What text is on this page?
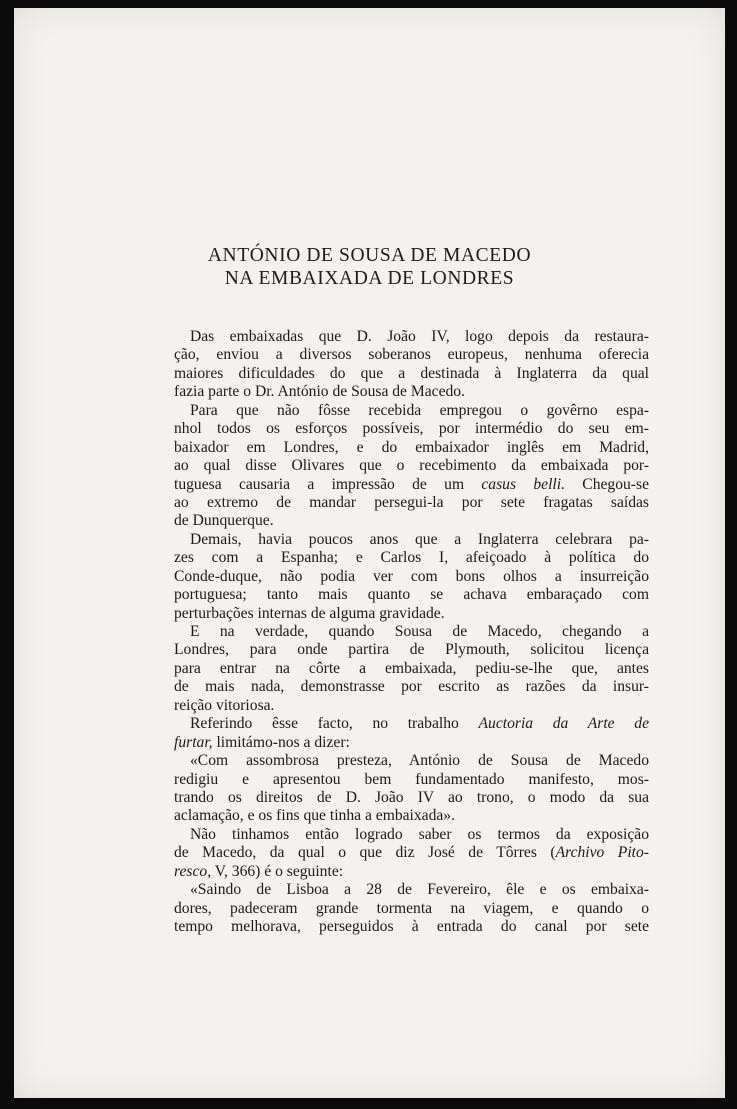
ANTÓNIO DE SOUSA DE MACEDO
NA EMBAIXADA DE LONDRES
Das embaixadas que D. João IV, logo depois da restaura-
ção, enviou a diversos soberanos europeus, nenhuma oferecia
maiores dificuldades do que a destinada à Inglaterra da qual
fazia parte o Dr. António de Sousa de Macedo.
Para que não fôsse recebida empregou o govêrno espa-
nhol todos os esforços possíveis, por intermédio do seu em-
baixador em Londres, e do embaixador inglês em Madrid,
ao qual disse Olivares que o recebimento da embaixada por-
tuguesa causaria a impressão de um casus belli. Chegou-se
ao extremo de mandar persegui-la por sete fragatas saídas
de Dunquerque.
Demais, havia poucos anos que a Inglaterra celebrara pa-
zes com a Espanha; e Carlos I, afeiçoado à política do
Conde-duque, não podia ver com bons olhos a insurreição
portuguesa; tanto mais quanto se achava embaraçado com
perturbações internas de alguma gravidade.
E na verdade, quando Sousa de Macedo, chegando a
Londres, para onde partira de Plymouth, solicitou licença
para entrar na côrte a embaixada, pediu-se-lhe que, antes
de mais nada, demonstrasse por escrito as razões da insur-
reição vitoriosa.
Referindo êsse facto, no trabalho Auctoria da Arte de
furtar, limitámo-nos a dizer:
«Com assombrosa presteza, António de Sousa de Macedo
redigiu e apresentou bem fundamentado manifesto, mos-
trando os direitos de D. João IV ao trono, o modo da sua
aclamação, e os fins que tinha a embaixada».
Não tinhamos então logrado saber os termos da exposição
de Macedo, da qual o que diz José de Tôrres (Archivo Pito-
resco, V, 366) é o seguinte:
«Saindo de Lisboa a 28 de Fevereiro, êle e os embaixa-
dores, padeceram grande tormenta na viagem, e quando o
tempo melhorava, perseguidos à entrada do canal por sete
